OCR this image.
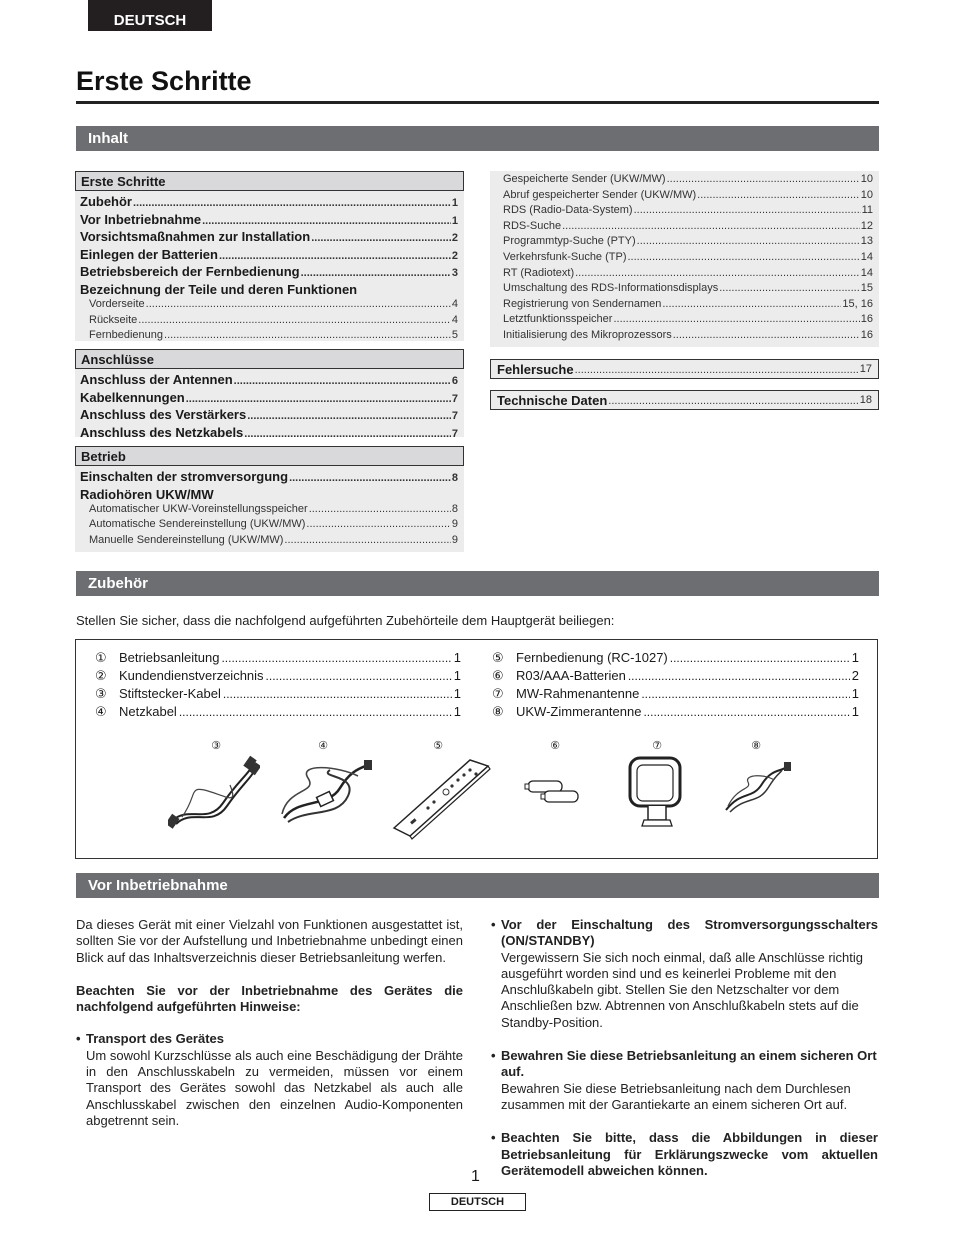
DEUTSCH
Erste Schritte
Inhalt
Erste Schritte
Zubehör .....	1
Vor Inbetriebnahme .....	1
Vorsichtsmaßnahmen zur Installation .....	2
Einlegen der Batterien .....	2
Betriebsbereich der Fernbedienung .....	3
Bezeichnung der Teile und deren Funktionen
Vorderseite .....	4
Rückseite .....	4
Fernbedienung .....	5
Anschlüsse
Anschluss der Antennen .....	6
Kabelkennungen .....	7
Anschluss des Verstärkers .....	7
Anschluss des Netzkabels .....	7
Betrieb
Einschalten der stromversorgung .....	8
Radiohören UKW/MW
Automatischer UKW-Voreinstellungsspeicher .....	8
Automatische Sendereinstellung (UKW/MW) .....	9
Manuelle Sendereinstellung (UKW/MW) .....	9
Gespeicherte Sender (UKW/MW) .....	10
Abruf gespeicherter Sender (UKW/MW) .....	10
RDS (Radio-Data-System) .....	11
RDS-Suche .....	12
Programmtyp-Suche (PTY) .....	13
Verkehrsfunk-Suche (TP) .....	14
RT (Radiotext) .....	14
Umschaltung des RDS-Informationsdisplays .....	15
Registrierung von Sendernamen .....	15, 16
Letztfunktionsspeicher .....	16
Initialisierung des Mikroprozessors .....	16
Fehlersuche .....	17
Technische Daten .....	18
Zubehör
Stellen Sie sicher, dass die nachfolgend aufgeführten Zubehörteile dem Hauptgerät beiliegen:
① Betriebsanleitung .....	1
② Kundendienstverzeichnis .....	1
③ Stiftstecker-Kabel .....	1
④ Netzkabel .....	1
⑤ Fernbedienung (RC-1027) .....	1
⑥ R03/AAA-Batterien .....	2
⑦ MW-Rahmenantenne .....	1
⑧ UKW-Zimmerantenne .....	1
③	④	⑤	⑥	⑦	⑧
Vor Inbetriebnahme

Da dieses Gerät mit einer Vielzahl von Funktionen ausgestattet ist, sollten Sie vor der Aufstellung und Inbetriebnahme unbedingt einen Blick auf das Inhaltsverzeichnis dieser Betriebsanleitung werfen.

Beachten Sie vor der Inbetriebnahme des Gerätes die nachfolgend aufgeführten Hinweise:

• Transport des Gerätes

Um sowohl Kurzschlüsse als auch eine Beschädigung der Drähte in den Anschlusskabeln zu vermeiden, müssen vor einem Transport des Gerätes sowohl das Netzkabel als auch alle Anschlusskabel zwischen den einzelnen Audio-Komponenten abgetrennt sein.

• Vor der Einschaltung des Stromversorgungsschalters (ON/STANDBY)

Vergewissern Sie sich noch einmal, daß alle Anschlüsse richtig ausgeführt worden sind und es keinerlei Probleme mit den Anschlußkabeln gibt. Stellen Sie den Netzschalter vor dem Anschließen bzw. Abtrennen von Anschlußkabeln stets auf die Standby-Position.

• Bewahren Sie diese Betriebsanleitung an einem sicheren Ort auf.

Bewahren Sie diese Betriebsanleitung nach dem Durchlesen zusammen mit der Garantiekarte an einem sicheren Ort auf.

• Beachten Sie bitte, dass die Abbildungen in dieser Betriebsanleitung für Erklärungszwecke vom aktuellen Gerätemodell abweichen können.
1
DEUTSCH
